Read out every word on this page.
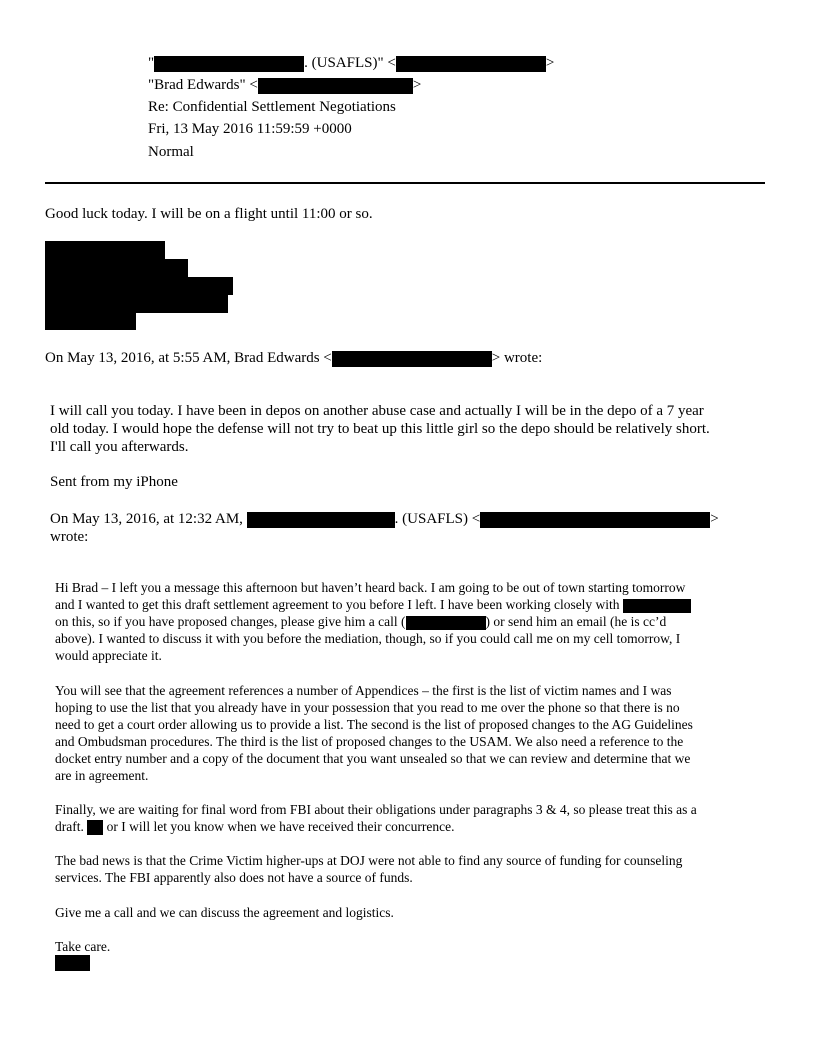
"	. (USAFLS)" <	>
"Brad Edwards" <	>
Re: Confidential Settlement Negotiations
Fri, 13 May 2016 11:59:59 +0000
Normal
Good luck today. I will be on a flight until 11:00 or so.
On May 13, 2016, at 5:55 AM, Brad Edwards <	> wrote:
I will call you today. I have been in depos on another abuse case and actually I will be in the depo of a 7 year
old today. I would hope the defense will not try to beat up this little girl so the depo should be relatively short.
I'll call you afterwards.
Sent from my iPhone
On May 13, 2016, at 12:32 AM,	. (USAFLS) <	>
wrote:
Hi Brad – I left you a message this afternoon but haven’t heard back. I am going to be out of town starting tomorrow
and I wanted to get this draft settlement agreement to you before I left. I have been working closely with
on this, so if you have proposed changes, please give him a call (	) or send him an email (he is cc’d
above). I wanted to discuss it with you before the mediation, though, so if you could call me on my cell tomorrow, I
would appreciate it.
You will see that the agreement references a number of Appendices – the first is the list of victim names and I was
hoping to use the list that you already have in your possession that you read to me over the phone so that there is no
need to get a court order allowing us to provide a list. The second is the list of proposed changes to the AG Guidelines
and Ombudsman procedures. The third is the list of proposed changes to the USAM. We also need a reference to the
docket entry number and a copy of the document that you want unsealed so that we can review and determine that we
are in agreement.
Finally, we are waiting for final word from FBI about their obligations under paragraphs 3 & 4, so please treat this as a
draft. or I will let you know when we have received their concurrence.
The bad news is that the Crime Victim higher-ups at DOJ were not able to find any source of funding for counseling
services. The FBI apparently also does not have a source of funds.
Give me a call and we can discuss the agreement and logistics.
Take care.
